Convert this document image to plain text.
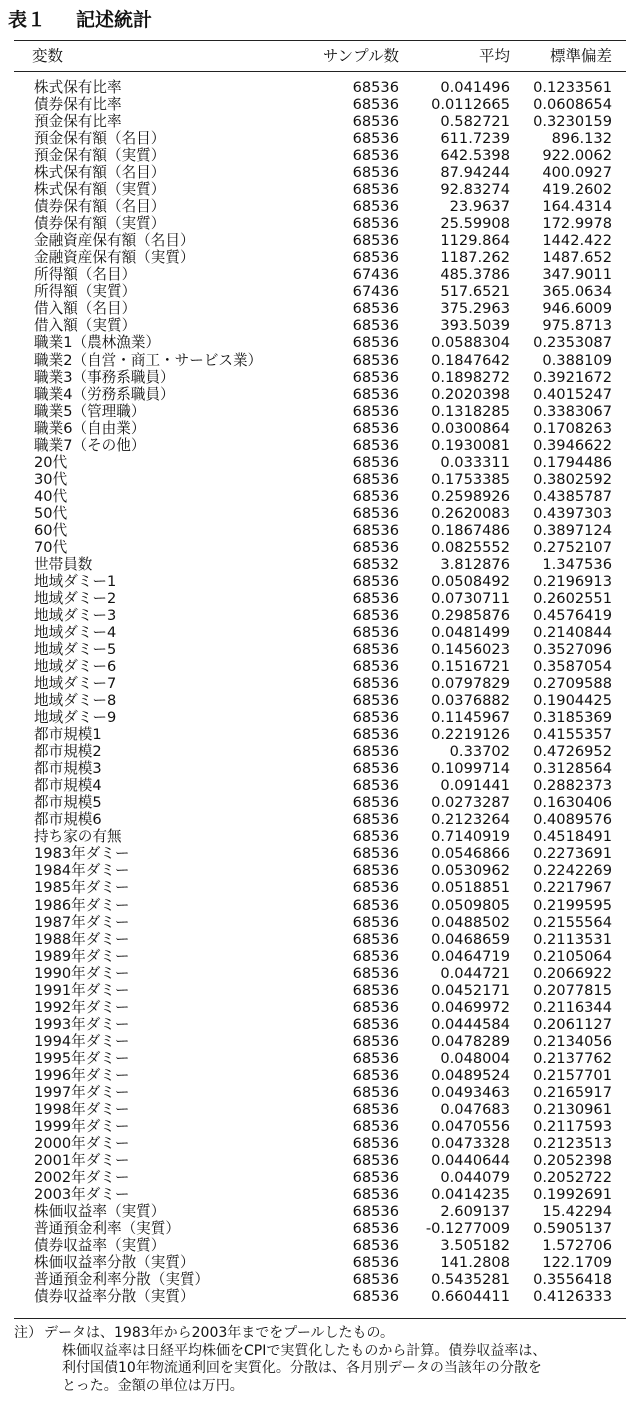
表１ 記述統計
変数	サンプル数	平均	標準偏差
株式保有比率	68536	0.041496	0.1233561
債券保有比率	68536	0.0112665	0.0608654
預金保有比率	68536	0.582721	0.3230159
預金保有額（名目）	68536	611.7239	896.132
預金保有額（実質）	68536	642.5398	922.0062
株式保有額（名目）	68536	87.94244	400.0927
株式保有額（実質）	68536	92.83274	419.2602
債券保有額（名目）	68536	23.9637	164.4314
債券保有額（実質）	68536	25.59908	172.9978
金融資産保有額（名目）	68536	1129.864	1442.422
金融資産保有額（実質）	68536	1187.262	1487.652
所得額（名目）	67436	485.3786	347.9011
所得額（実質）	67436	517.6521	365.0634
借入額（名目）	68536	375.2963	946.6009
借入額（実質）	68536	393.5039	975.8713
職業1（農林漁業）	68536	0.0588304	0.2353087
職業2（自営・商工・サービス業）	68536	0.1847642	0.388109
職業3（事務系職員）	68536	0.1898272	0.3921672
職業4（労務系職員）	68536	0.2020398	0.4015247
職業5（管理職）	68536	0.1318285	0.3383067
職業6（自由業）	68536	0.0300864	0.1708263
職業7（その他）	68536	0.1930081	0.3946622
20代	68536	0.033311	0.1794486
30代	68536	0.1753385	0.3802592
40代	68536	0.2598926	0.4385787
50代	68536	0.2620083	0.4397303
60代	68536	0.1867486	0.3897124
70代	68536	0.0825552	0.2752107
世帯員数	68532	3.812876	1.347536
地域ダミー1	68536	0.0508492	0.2196913
地域ダミー2	68536	0.0730711	0.2602551
地域ダミー3	68536	0.2985876	0.4576419
地域ダミー4	68536	0.0481499	0.2140844
地域ダミー5	68536	0.1456023	0.3527096
地域ダミー6	68536	0.1516721	0.3587054
地域ダミー7	68536	0.0797829	0.2709588
地域ダミー8	68536	0.0376882	0.1904425
地域ダミー9	68536	0.1145967	0.3185369
都市規模1	68536	0.2219126	0.4155357
都市規模2	68536	0.33702	0.4726952
都市規模3	68536	0.1099714	0.3128564
都市規模4	68536	0.091441	0.2882373
都市規模5	68536	0.0273287	0.1630406
都市規模6	68536	0.2123264	0.4089576
持ち家の有無	68536	0.7140919	0.4518491
1983年ダミー	68536	0.0546866	0.2273691
1984年ダミー	68536	0.0530962	0.2242269
1985年ダミー	68536	0.0518851	0.2217967
1986年ダミー	68536	0.0509805	0.2199595
1987年ダミー	68536	0.0488502	0.2155564
1988年ダミー	68536	0.0468659	0.2113531
1989年ダミー	68536	0.0464719	0.2105064
1990年ダミー	68536	0.044721	0.2066922
1991年ダミー	68536	0.0452171	0.2077815
1992年ダミー	68536	0.0469972	0.2116344
1993年ダミー	68536	0.0444584	0.2061127
1994年ダミー	68536	0.0478289	0.2134056
1995年ダミー	68536	0.048004	0.2137762
1996年ダミー	68536	0.0489524	0.2157701
1997年ダミー	68536	0.0493463	0.2165917
1998年ダミー	68536	0.047683	0.2130961
1999年ダミー	68536	0.0470556	0.2117593
2000年ダミー	68536	0.0473328	0.2123513
2001年ダミー	68536	0.0440644	0.2052398
2002年ダミー	68536	0.044079	0.2052722
2003年ダミー	68536	0.0414235	0.1992691
株価収益率（実質）	68536	2.609137	15.42294
普通預金利率（実質）	68536	-0.1277009	0.5905137
債券収益率（実質）	68536	3.505182	1.572706
株価収益率分散（実質）	68536	141.2808	122.1709
普通預金利率分散（実質）	68536	0.5435281	0.3556418
債券収益率分散（実質）	68536	0.6604411	0.4126333
注） データは、1983年から2003年までをプールしたもの。
株価収益率は日経平均株価をCPIで実質化したものから計算。債券収益率は、
利付国債10年物流通利回を実質化。分散は、各月別データの当該年の分散を
とった。金額の単位は万円。
